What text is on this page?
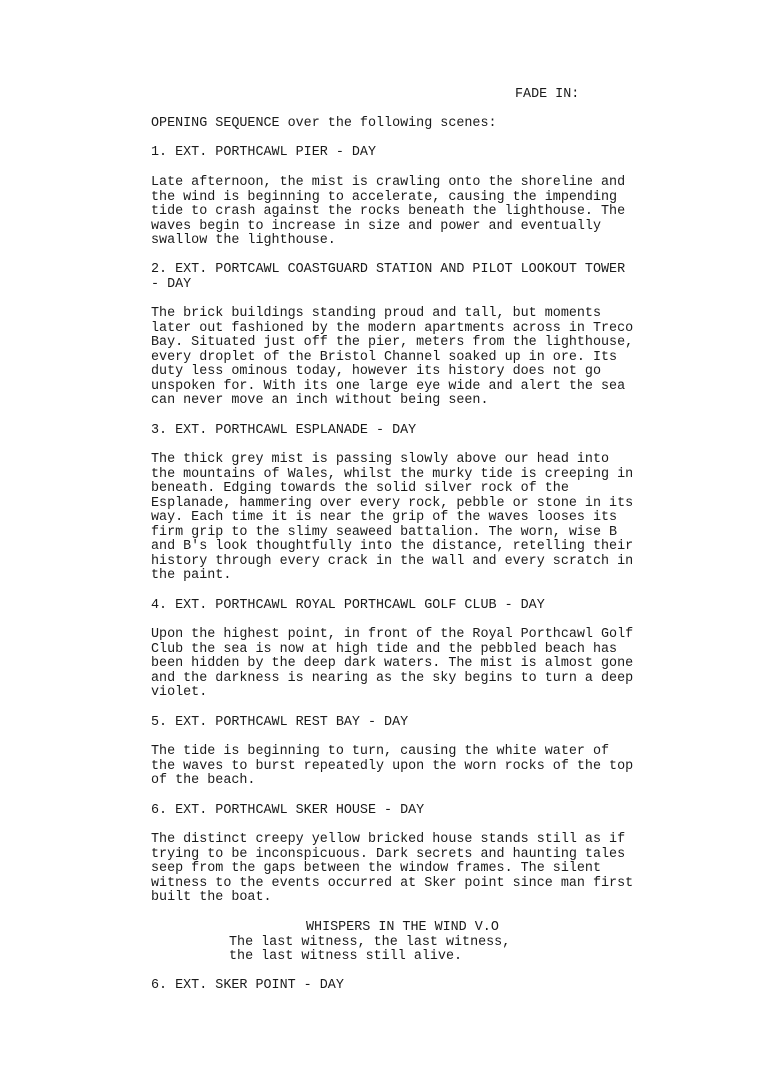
FADE IN:
OPENING SEQUENCE over the following scenes:
1. EXT. PORTHCAWL PIER - DAY
Late afternoon, the mist is crawling onto the shoreline and
the wind is beginning to accelerate, causing the impending
tide to crash against the rocks beneath the lighthouse. The
waves begin to increase in size and power and eventually
swallow the lighthouse.
2. EXT. PORTCAWL COASTGUARD STATION AND PILOT LOOKOUT TOWER
- DAY
The brick buildings standing proud and tall, but moments
later out fashioned by the modern apartments across in Treco
Bay. Situated just off the pier, meters from the lighthouse,
every droplet of the Bristol Channel soaked up in ore. Its
duty less ominous today, however its history does not go
unspoken for. With its one large eye wide and alert the sea
can never move an inch without being seen.
3. EXT. PORTHCAWL ESPLANADE - DAY
The thick grey mist is passing slowly above our head into
the mountains of Wales, whilst the murky tide is creeping in
beneath. Edging towards the solid silver rock of the
Esplanade, hammering over every rock, pebble or stone in its
way. Each time it is near the grip of the waves looses its
firm grip to the slimy seaweed battalion. The worn, wise B
and B's look thoughtfully into the distance, retelling their
history through every crack in the wall and every scratch in
the paint.
4. EXT. PORTHCAWL ROYAL PORTHCAWL GOLF CLUB - DAY
Upon the highest point, in front of the Royal Porthcawl Golf
Club the sea is now at high tide and the pebbled beach has
been hidden by the deep dark waters. The mist is almost gone
and the darkness is nearing as the sky begins to turn a deep
violet.
5. EXT. PORTHCAWL REST BAY - DAY
The tide is beginning to turn, causing the white water of
the waves to burst repeatedly upon the worn rocks of the top
of the beach.
6. EXT. PORTHCAWL SKER HOUSE - DAY
The distinct creepy yellow bricked house stands still as if
trying to be inconspicuous. Dark secrets and haunting tales
seep from the gaps between the window frames. The silent
witness to the events occurred at Sker point since man first
built the boat.
WHISPERS IN THE WIND V.O
The last witness, the last witness,
the last witness still alive.
6. EXT. SKER POINT - DAY
